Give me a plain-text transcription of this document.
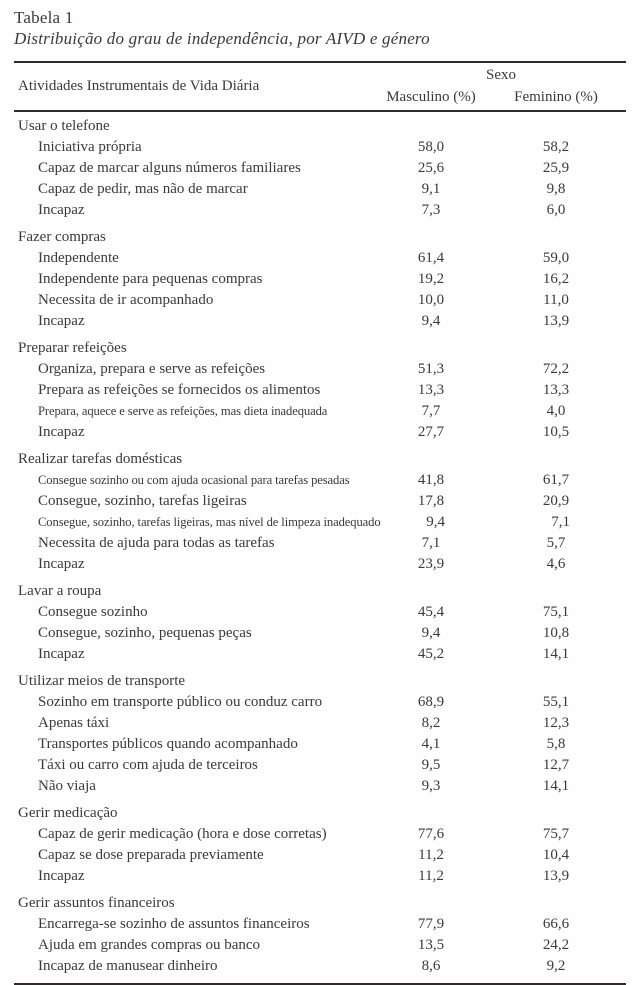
Tabela 1
Distribuição do grau de independência, por AIVD e género
Atividades Instrumentais de Vida Diária
Sexo
Masculino (%)	Feminino (%)
Usar o telefone
Iniciativa própria	58,0	58,2
Capaz de marcar alguns números familiares	25,6	25,9
Capaz de pedir, mas não de marcar	9,1	9,8
Incapaz	7,3	6,0
Fazer compras
Independente	61,4	59,0
Independente para pequenas compras	19,2	16,2
Necessita de ir acompanhado	10,0	11,0
Incapaz	9,4	13,9
Preparar refeições
Organiza, prepara e serve as refeições	51,3	72,2
Prepara as refeições se fornecidos os alimentos	13,3	13,3
Prepara, aquece e serve as refeições, mas dieta inadequada	7,7	4,0
Incapaz	27,7	10,5
Realizar tarefas domésticas
Consegue sozinho ou com ajuda ocasional para tarefas pesadas	41,8	61,7
Consegue, sozinho, tarefas ligeiras	17,8	20,9
Consegue, sozinho, tarefas ligeiras, mas nível de limpeza inadequado	9,4	7,1
Necessita de ajuda para todas as tarefas	7,1	5,7
Incapaz	23,9	4,6
Lavar a roupa
Consegue sozinho	45,4	75,1
Consegue, sozinho, pequenas peças	9,4	10,8
Incapaz	45,2	14,1
Utilizar meios de transporte
Sozinho em transporte público ou conduz carro	68,9	55,1
Apenas táxi	8,2	12,3
Transportes públicos quando acompanhado	4,1	5,8
Táxi ou carro com ajuda de terceiros	9,5	12,7
Não viaja	9,3	14,1
Gerir medicação
Capaz de gerir medicação (hora e dose corretas)	77,6	75,7
Capaz se dose preparada previamente	11,2	10,4
Incapaz	11,2	13,9
Gerir assuntos financeiros
Encarrega-se sozinho de assuntos financeiros	77,9	66,6
Ajuda em grandes compras ou banco	13,5	24,2
Incapaz de manusear dinheiro	8,6	9,2
